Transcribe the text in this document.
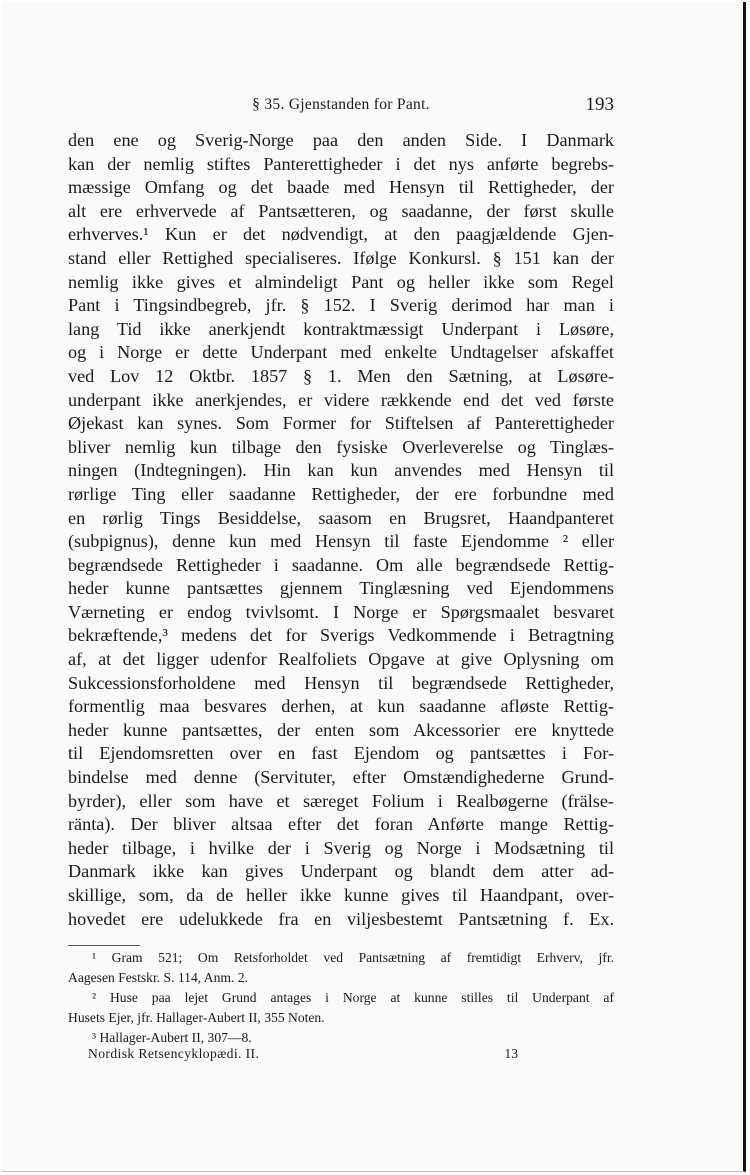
§ 35. Gjenstanden for Pant.	193
den ene og Sverig-Norge paa den anden Side. I Danmark
kan der nemlig stiftes Panterettigheder i det nys anførte begrebs-
mæssige Omfang og det baade med Hensyn til Rettigheder, der
alt ere erhvervede af Pantsætteren, og saadanne, der først skulle
erhverves.¹ Kun er det nødvendigt, at den paagjældende Gjen-
stand eller Rettighed specialiseres. Ifølge Konkursl. § 151 kan der
nemlig ikke gives et almindeligt Pant og heller ikke som Regel
Pant i Tingsindbegreb, jfr. § 152. I Sverig derimod har man i
lang Tid ikke anerkjendt kontraktmæssigt Underpant i Løsøre,
og i Norge er dette Underpant med enkelte Undtagelser afskaffet
ved Lov 12 Oktbr. 1857 § 1. Men den Sætning, at Løsøre-
underpant ikke anerkjendes, er videre rækkende end det ved første
Øjekast kan synes. Som Former for Stiftelsen af Panterettigheder
bliver nemlig kun tilbage den fysiske Overleverelse og Tinglæs-
ningen (Indtegningen). Hin kan kun anvendes med Hensyn til
rørlige Ting eller saadanne Rettigheder, der ere forbundne med
en rørlig Tings Besiddelse, saasom en Brugsret, Haandpanteret
(subpignus), denne kun med Hensyn til faste Ejendomme ² eller
begrændsede Rettigheder i saadanne. Om alle begrændsede Rettig-
heder kunne pantsættes gjennem Tinglæsning ved Ejendommens
Værneting er endog tvivlsomt. I Norge er Spørgsmaalet besvaret
bekræftende,³ medens det for Sverigs Vedkommende i Betragtning
af, at det ligger udenfor Realfoliets Opgave at give Oplysning om
Sukcessionsforholdene med Hensyn til begrændsede Rettigheder,
formentlig maa besvares derhen, at kun saadanne afløste Rettig-
heder kunne pantsættes, der enten som Akcessorier ere knyttede
til Ejendomsretten over en fast Ejendom og pantsættes i For-
bindelse med denne (Servituter, efter Omstændighederne Grund-
byrder), eller som have et særeget Folium i Realbøgerne (frälse-
ränta). Der bliver altsaa efter det foran Anførte mange Rettig-
heder tilbage, i hvilke der i Sverig og Norge i Modsætning til
Danmark ikke kan gives Underpant og blandt dem atter ad-
skillige, som, da de heller ikke kunne gives til Haandpant, over-
hovedet ere udelukkede fra en viljesbestemt Pantsætning f. Ex.
¹ Gram 521; Om Retsforholdet ved Pantsætning af fremtidigt Erhverv, jfr.
Aagesen Festskr. S. 114, Anm. 2.
² Huse paa lejet Grund antages i Norge at kunne stilles til Underpant af
Husets Ejer, jfr. Hallager-Aubert II, 355 Noten.
³ Hallager-Aubert II, 307—8.
Nordisk Retsencyklopædi. II.	13
